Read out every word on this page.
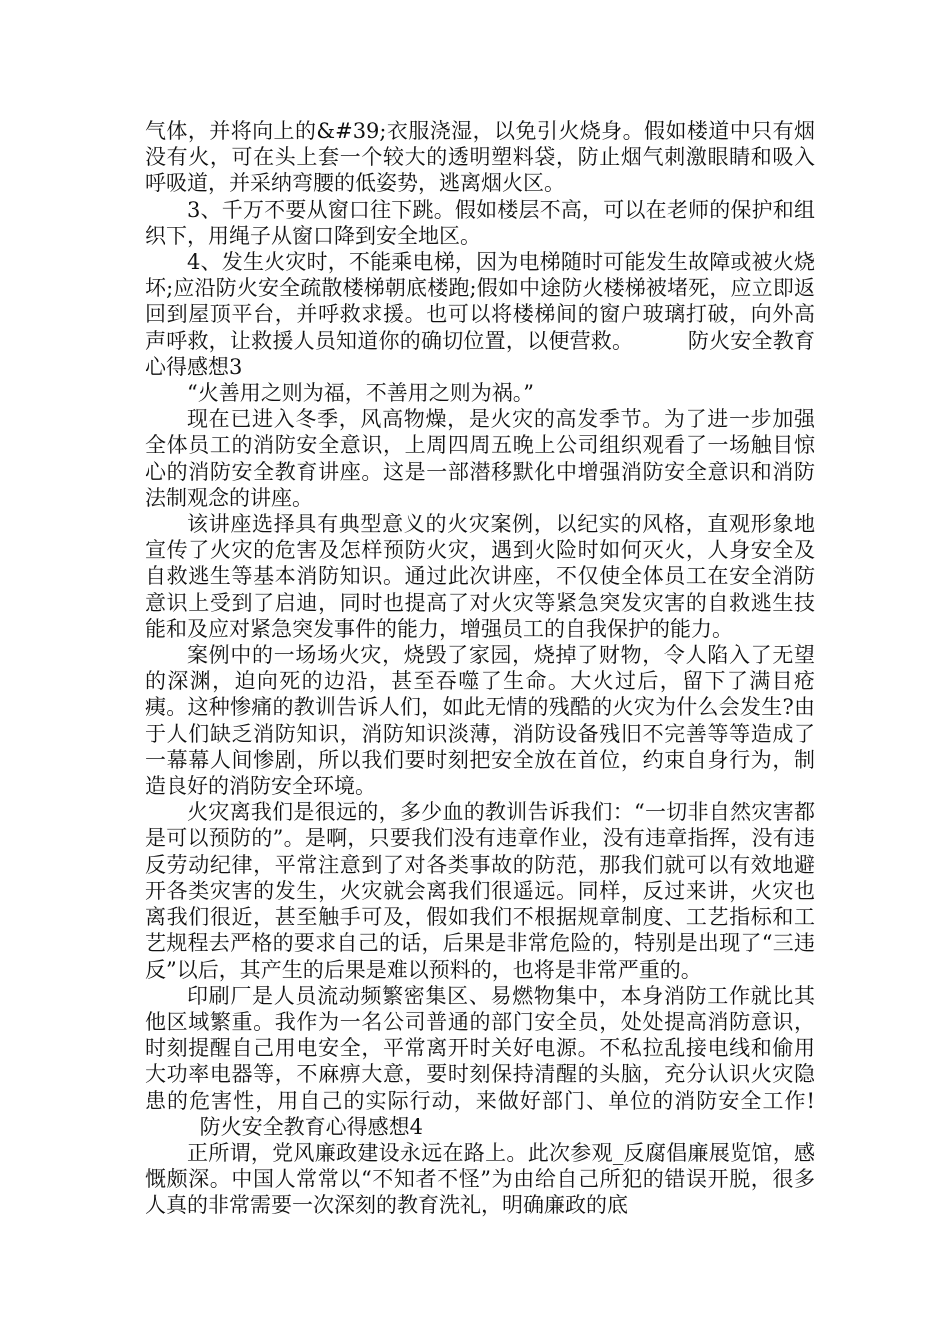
气体，并将向上的&#39;衣服浇湿，以免引火烧身。假如楼道中只有烟没有火，可在头上套一个较大的透明塑料袋，防止烟气刺激眼睛和吸入呼吸道，并采纳弯腰的低姿势，逃离烟火区。

3、千万不要从窗口往下跳。假如楼层不高，可以在老师的保护和组织下，用绳子从窗口降到安全地区。

4、发生火灾时，不能乘电梯，因为电梯随时可能发生故障或被火烧坏;应沿防火安全疏散楼梯朝底楼跑;假如中途防火楼梯被堵死，应立即返回到屋顶平台，并呼救求援。也可以将楼梯间的窗户玻璃打破，向外高声呼救，让救援人员知道你的确切位置，以便营救。	防火安全教育心得感想3

“火善用之则为福，不善用之则为祸。”

现在已进入冬季，风高物燥，是火灾的高发季节。为了进一步加强全体员工的消防安全意识，上周四周五晚上公司组织观看了一场触目惊心的消防安全教育讲座。这是一部潜移默化中增强消防安全意识和消防法制观念的讲座。

该讲座选择具有典型意义的火灾案例，以纪实的风格，直观形象地宣传了火灾的危害及怎样预防火灾，遇到火险时如何灭火，人身安全及自救逃生等基本消防知识。通过此次讲座，不仅使全体员工在安全消防意识上受到了启迪，同时也提高了对火灾等紧急突发灾害的自救逃生技能和及应对紧急突发事件的能力，增强员工的自我保护的能力。

案例中的一场场火灾，烧毁了家园，烧掉了财物，令人陷入了无望的深渊，迫向死的边沿，甚至吞噬了生命。大火过后，留下了满目疮痍。这种惨痛的教训告诉人们，如此无情的残酷的火灾为什么会发生?由于人们缺乏消防知识，消防知识淡薄，消防设备残旧不完善等等造成了一幕幕人间惨剧，所以我们要时刻把安全放在首位，约束自身行为，制造良好的消防安全环境。

火灾离我们是很远的，多少血的教训告诉我们：“一切非自然灾害都是可以预防的”。是啊，只要我们没有违章作业，没有违章指挥，没有违反劳动纪律，平常注意到了对各类事故的防范，那我们就可以有效地避开各类灾害的发生，火灾就会离我们很遥远。同样，反过来讲，火灾也离我们很近，甚至触手可及，假如我们不根据规章制度、工艺指标和工艺规程去严格的要求自己的话，后果是非常危险的，特别是出现了“三违反”以后，其产生的后果是难以预料的，也将是非常严重的。

印刷厂是人员流动频繁密集区、易燃物集中，本身消防工作就比其他区域繁重。我作为一名公司普通的部门安全员，处处提高消防意识，时刻提醒自己用电安全，平常离开时关好电源。不私拉乱接电线和偷用大功率电器等，不麻痹大意，要时刻保持清醒的头脑，充分认识火灾隐患的危害性，用自己的实际行动，来做好部门、单位的消防安全工作!防火安全教育心得感想4

正所谓，党风廉政建设永远在路上。此次参观_反腐倡廉展览馆，感慨颇深。中国人常常以“不知者不怪”为由给自己所犯的错误开脱，很多人真的非常需要一次深刻的教育洗礼，明确廉政的底
